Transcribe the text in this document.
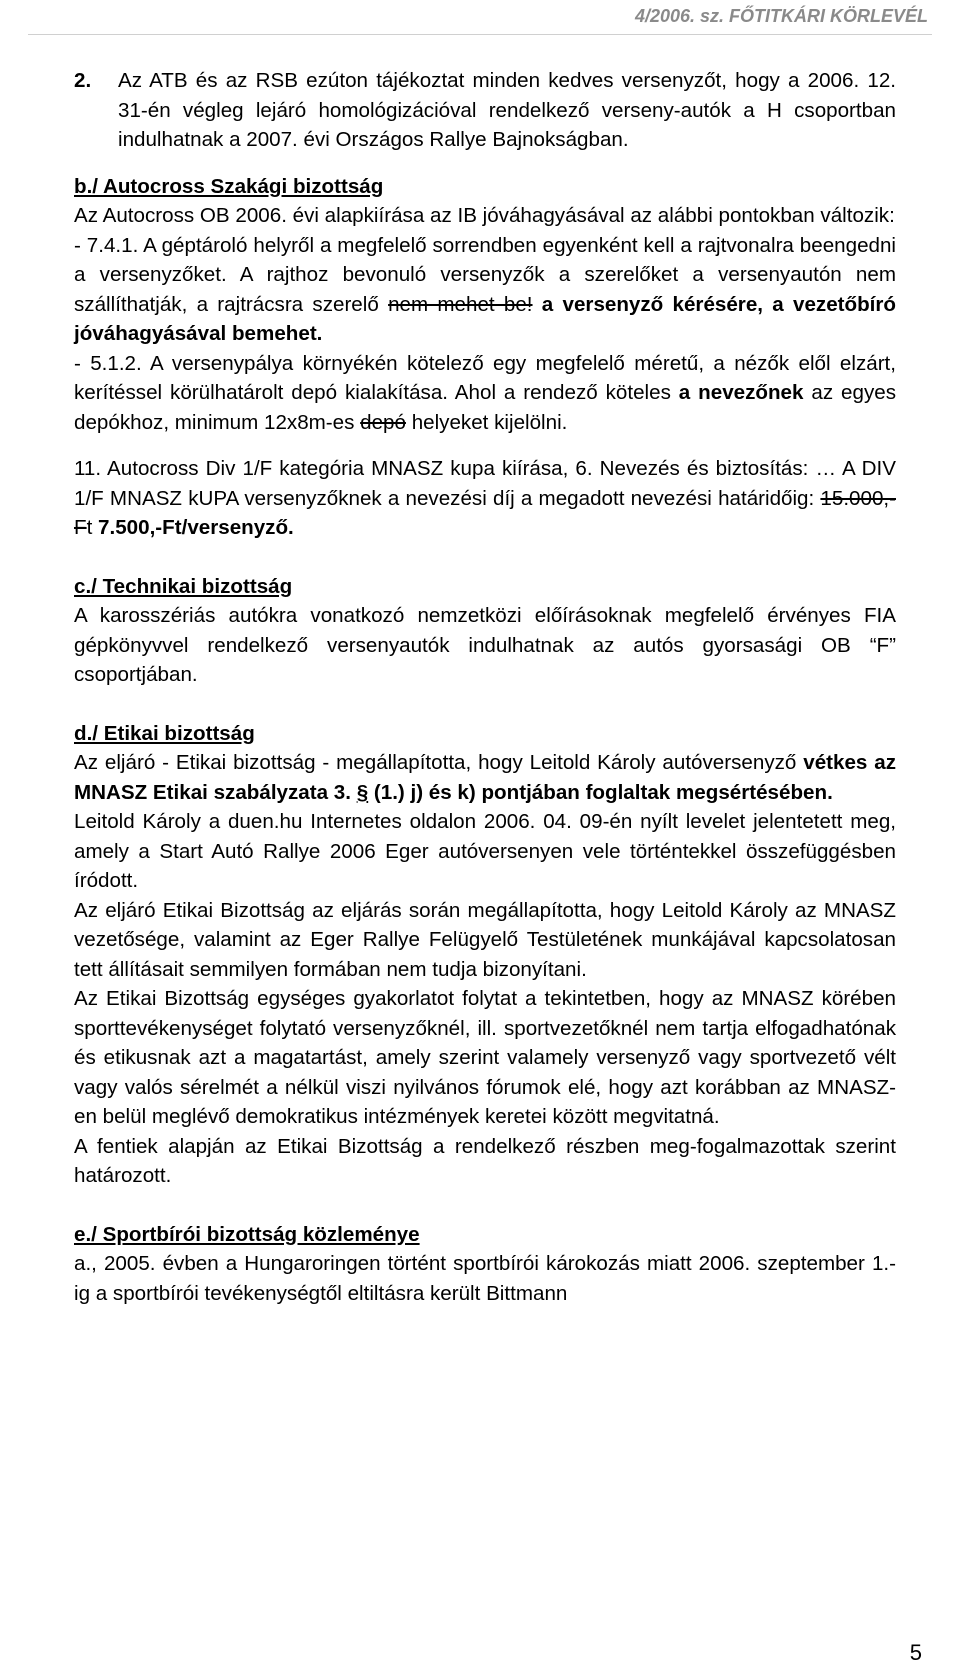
4/2006. sz. FŐTITKÁRI KÖRLEVÉL

2. Az ATB és az RSB ezúton tájékoztat minden kedves versenyzőt, hogy a 2006. 12. 31-én végleg lejáró homológizációval rendelkező verseny-autók a H csoportban indulhatnak a 2007. évi Országos Rallye Bajnokságban.

b./ Autocross Szakági bizottság

Az Autocross OB 2006. évi alapkiírása az IB jóváhagyásával az alábbi pontokban változik:

- 7.4.1. A géptároló helyről a megfelelő sorrendben egyenként kell a rajtvonalra beengedni a versenyzőket. A rajthoz bevonuló versenyzők a szerelőket a versenyautón nem szállíthatják, a rajtrácsra szerelő nem mehet be! a versenyző kérésére, a vezetőbíró jóváhagyásával bemehet.

- 5.1.2. A versenypálya környékén kötelező egy megfelelő méretű, a nézők elől elzárt, kerítéssel körülhatárolt depó kialakítása. Ahol a rendező köteles a nevezőnek az egyes depókhoz, minimum 12x8m-es depó helyeket kijelölni.

11. Autocross Div 1/F kategória MNASZ kupa kiírása, 6. Nevezés és biztosítás: … A DIV 1/F MNASZ kUPA versenyzőknek a nevezési díj a megadott nevezési határidőig: 15.000,-Ft 7.500,-Ft/versenyző.

c./ Technikai bizottság

A karosszériás autókra vonatkozó nemzetközi előírásoknak megfelelő érvényes FIA gépkönyvvel rendelkező versenyautók indulhatnak az autós gyorsasági OB “F” csoportjában.

d./ Etikai bizottság

Az eljáró - Etikai bizottság - megállapította, hogy Leitold Károly autóversenyző vétkes az MNASZ Etikai szabályzata 3. § (1.) j) és k) pontjában foglaltak megsértésében.

Leitold Károly a duen.hu Internetes oldalon 2006. 04. 09-én nyílt levelet jelentetett meg, amely a Start Autó Rallye 2006 Eger autóversenyen vele történtekkel összefüggésben íródott.

Az eljáró Etikai Bizottság az eljárás során megállapította, hogy Leitold Károly az MNASZ vezetősége, valamint az Eger Rallye Felügyelő Testületének munkájával kapcsolatosan tett állításait semmilyen formában nem tudja bizonyítani.

Az Etikai Bizottság egységes gyakorlatot folytat a tekintetben, hogy az MNASZ körében sporttevékenységet folytató versenyzőknél, ill. sportvezetőknél nem tartja elfogadhatónak és etikusnak azt a magatartást, amely szerint valamely versenyző vagy sportvezető vélt vagy valós sérelmét a nélkül viszi nyilvános fórumok elé, hogy azt korábban az MNASZ-en belül meglévő demokratikus intézmények keretei között megvitatná.

A fentiek alapján az Etikai Bizottság a rendelkező részben meg-fogalmazottak szerint határozott.

e./ Sportbírói bizottság közleménye

a., 2005. évben a Hungaroringen történt sportbírói károkozás miatt 2006. szeptember 1.-ig a sportbírói tevékenységtől eltiltásra került Bittmann

5
